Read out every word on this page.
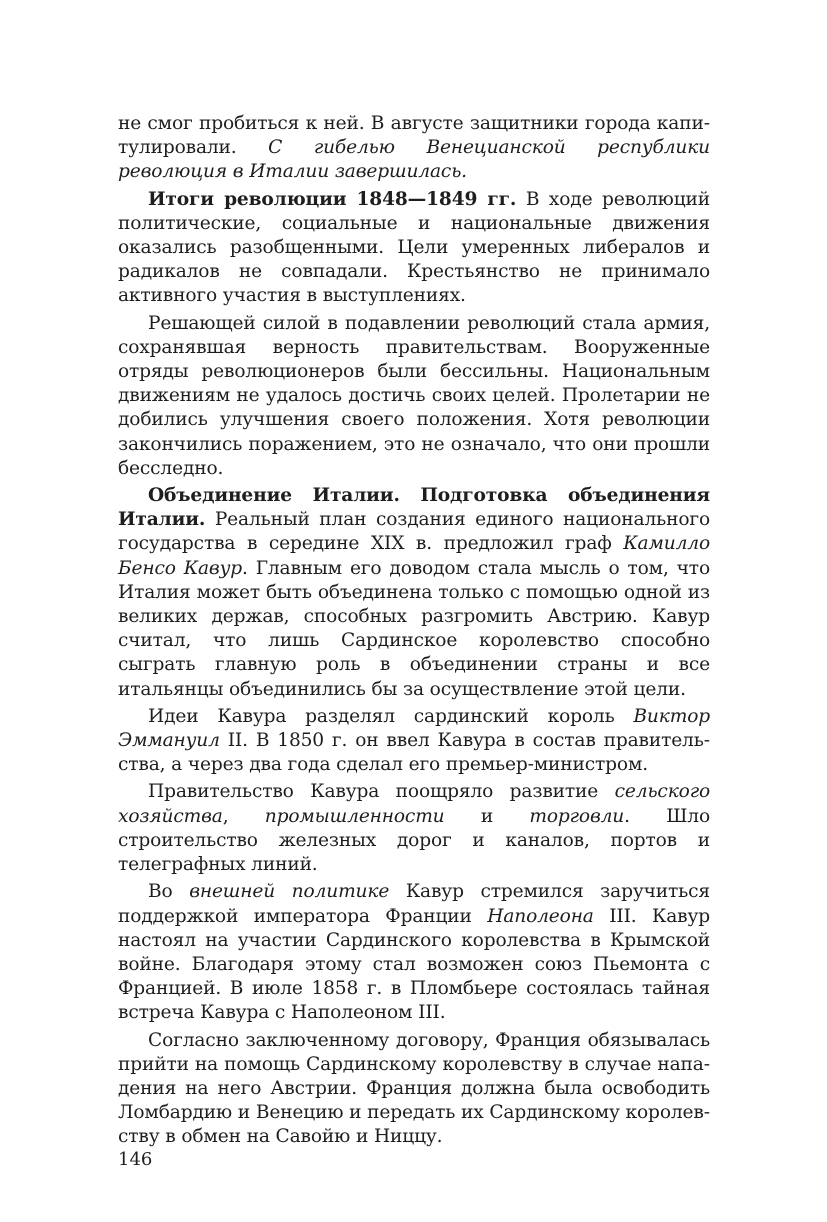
не смог пробиться к ней. В августе защитники города капитулировали. С гибелью Венецианской республики революция в Италии завершилась.

Итоги революции 1848—1849 гг. В ходе революций политические, социальные и национальные движения оказались разобщенными. Цели умеренных либералов и радикалов не совпадали. Крестьянство не принимало активного участия в выступлениях.

Решающей силой в подавлении революций стала армия, сохранявшая верность правительствам. Вооруженные отряды революционеров были бессильны. Национальным движениям не удалось достичь своих целей. Пролетарии не добились улучшения своего положения. Хотя революции закончились поражением, это не означало, что они прошли бесследно.

Объединение Италии. Подготовка объединения Италии. Реальный план создания единого национального государства в середине XIX в. предложил граф Камилло Бенсо Кавур. Главным его доводом стала мысль о том, что Италия может быть объединена только с помощью одной из великих держав, способных разгромить Австрию. Кавур считал, что лишь Сардинское королевство способно сыграть главную роль в объединении страны и все итальянцы объединились бы за осуществление этой цели.

Идеи Кавура разделял сардинский король Виктор Эммануил II. В 1850 г. он ввел Кавура в состав правительства, а через два года сделал его премьер-министром.

Правительство Кавура поощряло развитие сельского хозяйства, промышленности и торговли. Шло строительство железных дорог и каналов, портов и телеграфных линий.

Во внешней политике Кавур стремился заручиться поддержкой императора Франции Наполеона III. Кавур настоял на участии Сардинского королевства в Крымской войне. Благодаря этому стал возможен союз Пьемонта с Францией. В июле 1858 г. в Пломбьере состоялась тайная встреча Кавура с Наполеоном III.

Согласно заключенному договору, Франция обязывалась прийти на помощь Сардинскому королевству в случае нападения на него Австрии. Франция должна была освободить Ломбардию и Венецию и передать их Сардинскому королевству в обмен на Савойю и Ниццу.

146
